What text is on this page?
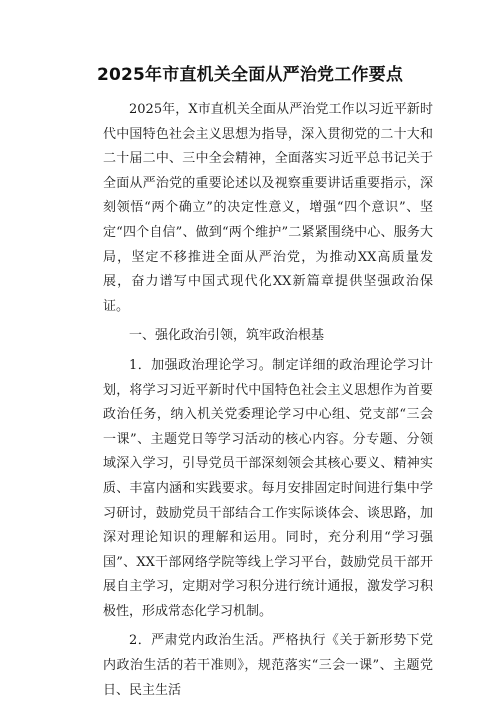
2025年市直机关全面从严治党工作要点

2025年，X市直机关全面从严治党工作以习近平新时代中国特色社会主义思想为指导，深入贯彻党的二十大和二十届二中、三中全会精神，全面落实习近平总书记关于全面从严治党的重要论述以及视察重要讲话重要指示，深刻领悟“两个确立”的决定性意义，增强“四个意识”、坚定“四个自信”、做到“两个维护”二紧紧围绕中心、服务大局，坚定不移推进全面从严治党，为推动XX高质量发展，奋力谱写中国式现代化XX新篇章提供坚强政治保证。

一、强化政治引领，筑牢政治根基

1．加强政治理论学习。制定详细的政治理论学习计划，将学习习近平新时代中国特色社会主义思想作为首要政治任务，纳入机关党委理论学习中心组、党支部“三会一课”、主题党日等学习活动的核心内容。分专题、分领域深入学习，引导党员干部深刻领会其核心要义、精神实质、丰富内涵和实践要求。每月安排固定时间进行集中学习研讨，鼓励党员干部结合工作实际谈体会、谈思路，加深对理论知识的理解和运用。同时，充分利用“学习强国”、XX干部网络学院等线上学习平台，鼓励党员干部开展自主学习，定期对学习积分进行统计通报，激发学习积极性，形成常态化学习机制。

2．严肃党内政治生活。严格执行《关于新形势下党内政治生活的若干准则》，规范落实“三会一课”、主题党日、民主生活
